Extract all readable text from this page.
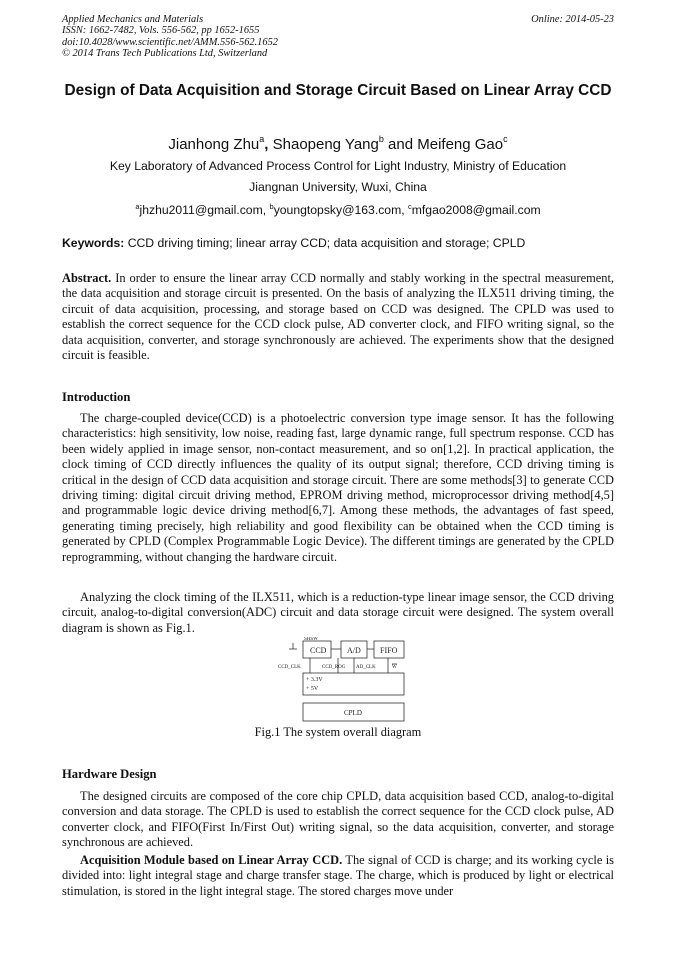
Applied Mechanics and Materials
ISSN: 1662-7482, Vols. 556-562, pp 1652-1655
doi:10.4028/www.scientific.net/AMM.556-562.1652
© 2014 Trans Tech Publications Ltd, Switzerland
Online: 2014-05-23
Design of Data Acquisition and Storage Circuit Based on Linear Array CCD
Jianhong Zhu$^a$, Shaopeng Yang$^b$ and Meifeng Gao$^c$
Key Laboratory of Advanced Process Control for Light Industry, Ministry of Education
Jiangnan University, Wuxi, China
$^a$jhzhu2011@gmail.com, $^b$youngtopsky@163.com, $^c$mfgao2008@gmail.com
Keywords: CCD driving timing; linear array CCD; data acquisition and storage; CPLD
Abstract. In order to ensure the linear array CCD normally and stably working in the spectral measurement, the data acquisition and storage circuit is presented. On the basis of analyzing the ILX511 driving timing, the circuit of data acquisition, processing, and storage based on CCD was designed. The CPLD was used to establish the correct sequence for the CCD clock pulse, AD converter clock, and FIFO writing signal, so the data acquisition, converter, and storage synchronously are achieved. The experiments show that the designed circuit is feasible.
Introduction
The charge-coupled device(CCD) is a photoelectric conversion type image sensor. It has the following characteristics: high sensitivity, low noise, reading fast, large dynamic range, full spectrum response. CCD has been widely applied in image sensor, non-contact measurement, and so on[1,2]. In practical application, the clock timing of CCD directly influences the quality of its output signal; therefore, CCD driving timing is critical in the design of CCD data acquisition and storage circuit. There are some methods[3] to generate CCD driving timing: digital circuit driving method, EPROM driving method, microprocessor driving method[4,5] and programmable logic device driving method[6,7]. Among these methods, the advantages of fast speed, generating timing precisely, high reliability and good flexibility can be obtained when the CCD timing is generated by CPLD (Complex Programmable Logic Device). The different timings are generated by the CPLD reprogramming, without changing the hardware circuit.
Analyzing the clock timing of the ILX511, which is a reduction-type linear image sensor, the CCD driving circuit, analog-to-digital conversion(ADC) circuit and data storage circuit were designed. The system overall diagram is shown as Fig.1.
SHSW
CCD	A/D FIFO
CCD_CLK	CCD_ROG AD_CLK	W
+ 3.3V
+ 5V
CPLD
Fig.1 The system overall diagram
Hardware Design
The designed circuits are composed of the core chip CPLD, data acquisition based CCD, analog-to-digital conversion and data storage. The CPLD is used to establish the correct sequence for the CCD clock pulse, AD converter clock, and FIFO(First In/First Out) writing signal, so the data acquisition, converter, and storage synchronous are achieved.
Acquisition Module based on Linear Array CCD. The signal of CCD is charge; and its working cycle is divided into: light integral stage and charge transfer stage. The charge, which is produced by light or electrical stimulation, is stored in the light integral stage. The stored charges move under
